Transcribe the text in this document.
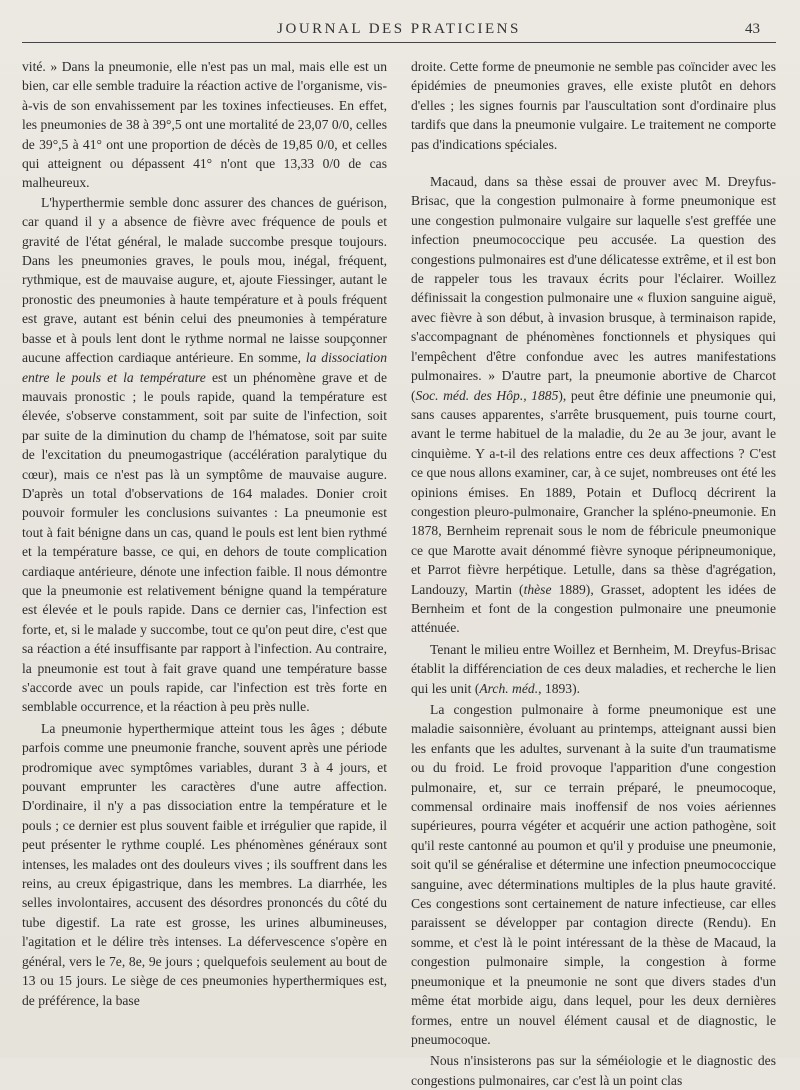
JOURNAL DES PRATICIENS	43

vité. » Dans la pneumonie, elle n'est pas un mal, mais elle est un bien, car elle semble traduire la réaction active de l'organisme, vis-à-vis de son envahissement par les toxines infectieuses. En effet, les pneumonies de 38 à 39°,5 ont une mortalité de 23,07 0/0, celles de 39°,5 à 41° ont une proportion de décès de 19,85 0/0, et celles qui atteignent ou dépassent 41° n'ont que 13,33 0/0 de cas malheureux.

L'hyperthermie semble donc assurer des chances de guérison, car quand il y a absence de fièvre avec fréquence de pouls et gravité de l'état général, le malade succombe presque toujours. Dans les pneumonies graves, le pouls mou, inégal, fréquent, rythmique, est de mauvaise augure, et, ajoute Fiessinger, autant le pronostic des pneumonies à haute température et à pouls fréquent est grave, autant est bénin celui des pneumonies à température basse et à pouls lent dont le rythme normal ne laisse soupçonner aucune affection cardiaque antérieure. En somme, la dissociation entre le pouls et la température est un phénomène grave et de mauvais pronostic ; le pouls rapide, quand la température est élevée, s'observe constamment, soit par suite de l'infection, soit par suite de la diminution du champ de l'hématose, soit par suite de l'excitation du pneumogastrique (accélération paralytique du cœur), mais ce n'est pas là un symptôme de mauvaise augure. D'après un total d'observations de 164 malades. Donier croit pouvoir formuler les conclusions suivantes : La pneumonie est tout à fait bénigne dans un cas, quand le pouls est lent bien rythmé et la température basse, ce qui, en dehors de toute complication cardiaque antérieure, dénote une infection faible. Il nous démontre que la pneumonie est relativement bénigne quand la température est élevée et le pouls rapide. Dans ce dernier cas, l'infection est forte, et, si le malade y succombe, tout ce qu'on peut dire, c'est que sa réaction a été insuffisante par rapport à l'infection. Au contraire, la pneumonie est tout à fait grave quand une température basse s'accorde avec un pouls rapide, car l'infection est très forte en semblable occurrence, et la réaction à peu près nulle.

La pneumonie hyperthermique atteint tous les âges ; débute parfois comme une pneumonie franche, souvent après une période prodromique avec symptômes variables, durant 3 à 4 jours, et pouvant emprunter les caractères d'une autre affection. D'ordinaire, il n'y a pas dissociation entre la température et le pouls ; ce dernier est plus souvent faible et irrégulier que rapide, il peut présenter le rythme couplé. Les phénomènes généraux sont intenses, les malades ont des douleurs vives ; ils souffrent dans les reins, au creux épigastrique, dans les membres. La diarrhée, les selles involontaires, accusent des désordres prononcés du côté du tube digestif. La rate est grosse, les urines albumineuses, l'agitation et le délire très intenses. La défervescence s'opère en général, vers le 7e, 8e, 9e jours ; quelquefois seulement au bout de 13 ou 15 jours. Le siège de ces pneumonies hyperthermiques est, de préférence, la base

droite. Cette forme de pneumonie ne semble pas coïncider avec les épidémies de pneumonies graves, elle existe plutôt en dehors d'elles ; les signes fournis par l'auscultation sont d'ordinaire plus tardifs que dans la pneumonie vulgaire. Le traitement ne comporte pas d'indications spéciales.

Macaud, dans sa thèse essai de prouver avec M. Dreyfus-Brisac, que la congestion pulmonaire à forme pneumonique est une congestion pulmonaire vulgaire sur laquelle s'est greffée une infection pneumococcique peu accusée. La question des congestions pulmonaires est d'une délicatesse extrême, et il est bon de rappeler tous les travaux écrits pour l'éclairer. Woillez définissait la congestion pulmonaire une « fluxion sanguine aiguë, avec fièvre à son début, à invasion brusque, à terminaison rapide, s'accompagnant de phénomènes fonctionnels et physiques qui l'empêchent d'être confondue avec les autres manifestations pulmonaires. » D'autre part, la pneumonie abortive de Charcot (Soc. méd. des Hôp., 1885), peut être définie une pneumonie qui, sans causes apparentes, s'arrête brusquement, puis tourne court, avant le terme habituel de la maladie, du 2e au 3e jour, avant le cinquième. Y a-t-il des relations entre ces deux affections ? C'est ce que nous allons examiner, car, à ce sujet, nombreuses ont été les opinions émises. En 1889, Potain et Duflocq décrirent la congestion pleuro-pulmonaire, Grancher la spléno-pneumonie. En 1878, Bernheim reprenait sous le nom de fébricule pneumonique ce que Marotte avait dénommé fièvre synoque péripneumonique, et Parrot fièvre herpétique. Letulle, dans sa thèse d'agrégation, Landouzy, Martin (thèse 1889), Grasset, adoptent les idées de Bernheim et font de la congestion pulmonaire une pneumonie atténuée.

Tenant le milieu entre Woillez et Bernheim, M. Dreyfus-Brisac établit la différenciation de ces deux maladies, et recherche le lien qui les unit (Arch. méd., 1893).

La congestion pulmonaire à forme pneumonique est une maladie saisonnière, évoluant au printemps, atteignant aussi bien les enfants que les adultes, survenant à la suite d'un traumatisme ou du froid. Le froid provoque l'apparition d'une congestion pulmonaire, et, sur ce terrain préparé, le pneumocoque, commensal ordinaire mais inoffensif de nos voies aériennes supérieures, pourra végéter et acquérir une action pathogène, soit qu'il reste cantonné au poumon et qu'il y produise une pneumonie, soit qu'il se généralise et détermine une infection pneumococcique sanguine, avec déterminations multiples de la plus haute gravité. Ces congestions sont certainement de nature infectieuse, car elles paraissent se développer par contagion directe (Rendu). En somme, et c'est là le point intéressant de la thèse de Macaud, la congestion pulmonaire simple, la congestion à forme pneumonique et la pneumonie ne sont que divers stades d'un même état morbide aigu, dans lequel, pour les deux dernières formes, entre un nouvel élément causal et de diagnostic, le pneumocoque.

Nous n'insisterons pas sur la séméiologie et le diagnostic des congestions pulmonaires, car c'est là un point clas
